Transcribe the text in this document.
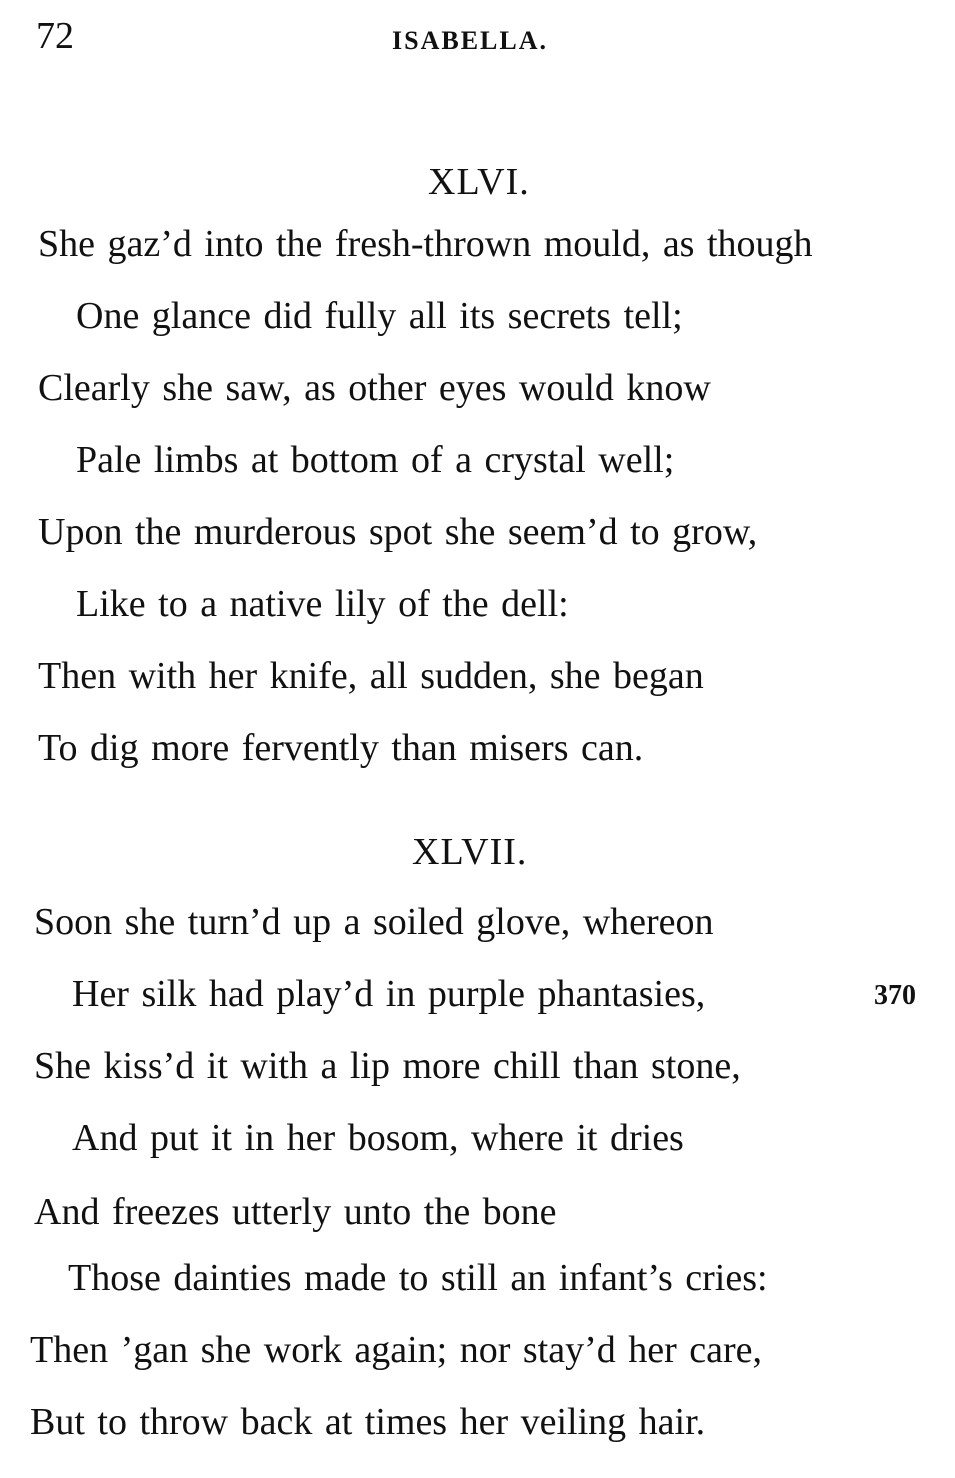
72	ISABELLA.
XLVI.
She gaz’d into the fresh-thrown mould, as though
One glance did fully all its secrets tell;
Clearly she saw, as other eyes would know
Pale limbs at bottom of a crystal well;
Upon the murderous spot she seem’d to grow,
Like to a native lily of the dell:
Then with her knife, all sudden, she began
To dig more fervently than misers can.
XLVII.
Soon she turn’d up a soiled glove, whereon
Her silk had play’d in purple phantasies,	370
She kiss’d it with a lip more chill than stone,
And put it in her bosom, where it dries
And freezes utterly unto the bone
Those dainties made to still an infant’s cries:
Then ’gan she work again; nor stay’d her care,
But to throw back at times her veiling hair.
